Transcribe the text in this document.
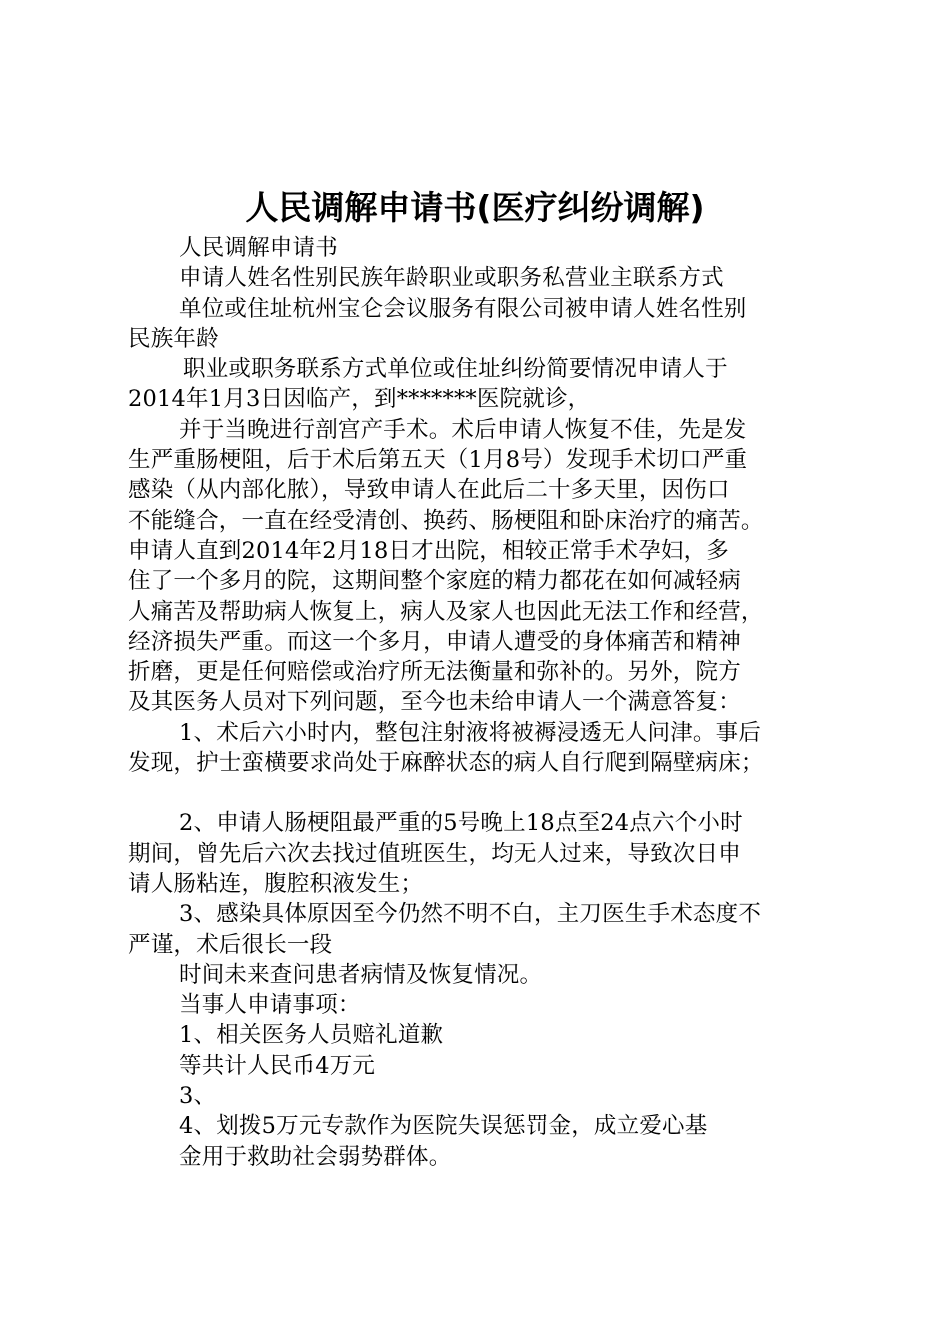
人民调解申请书(医疗纠纷调解)

人民调解申请书

申请人姓名性别民族年龄职业或职务私营业主联系方式

单位或住址杭州宝仑会议服务有限公司被申请人姓名性别

民族年龄

职业或职务联系方式单位或住址纠纷简要情况申请人于

2014年1月3日因临产，到*******医院就诊，

并于当晚进行剖宫产手术。术后申请人恢复不佳，先是发

生严重肠梗阻，后于术后第五天（1月8号）发现手术切口严重

感染（从内部化脓），导致申请人在此后二十多天里，因伤口

不能缝合，一直在经受清创、换药、肠梗阻和卧床治疗的痛苦。

申请人直到2014年2月18日才出院，相较正常手术孕妇，多

住了一个多月的院，这期间整个家庭的精力都花在如何减轻病

人痛苦及帮助病人恢复上，病人及家人也因此无法工作和经营，

经济损失严重。而这一个多月，申请人遭受的身体痛苦和精神

折磨，更是任何赔偿或治疗所无法衡量和弥补的。另外，院方

及其医务人员对下列问题，至今也未给申请人一个满意答复：

1、术后六小时内，整包注射液将被褥浸透无人问津。事后

发现，护士蛮横要求尚处于麻醉状态的病人自行爬到隔壁病床；

2、申请人肠梗阻最严重的5号晚上18点至24点六个小时

期间，曾先后六次去找过值班医生，均无人过来，导致次日申

请人肠粘连，腹腔积液发生；

3、感染具体原因至今仍然不明不白，主刀医生手术态度不

严谨，术后很长一段

时间未来查问患者病情及恢复情况。

当事人申请事项：

1、相关医务人员赔礼道歉

等共计人民币4万元

3、

4、划拨5万元专款作为医院失误惩罚金，成立爱心基

金用于救助社会弱势群体。
